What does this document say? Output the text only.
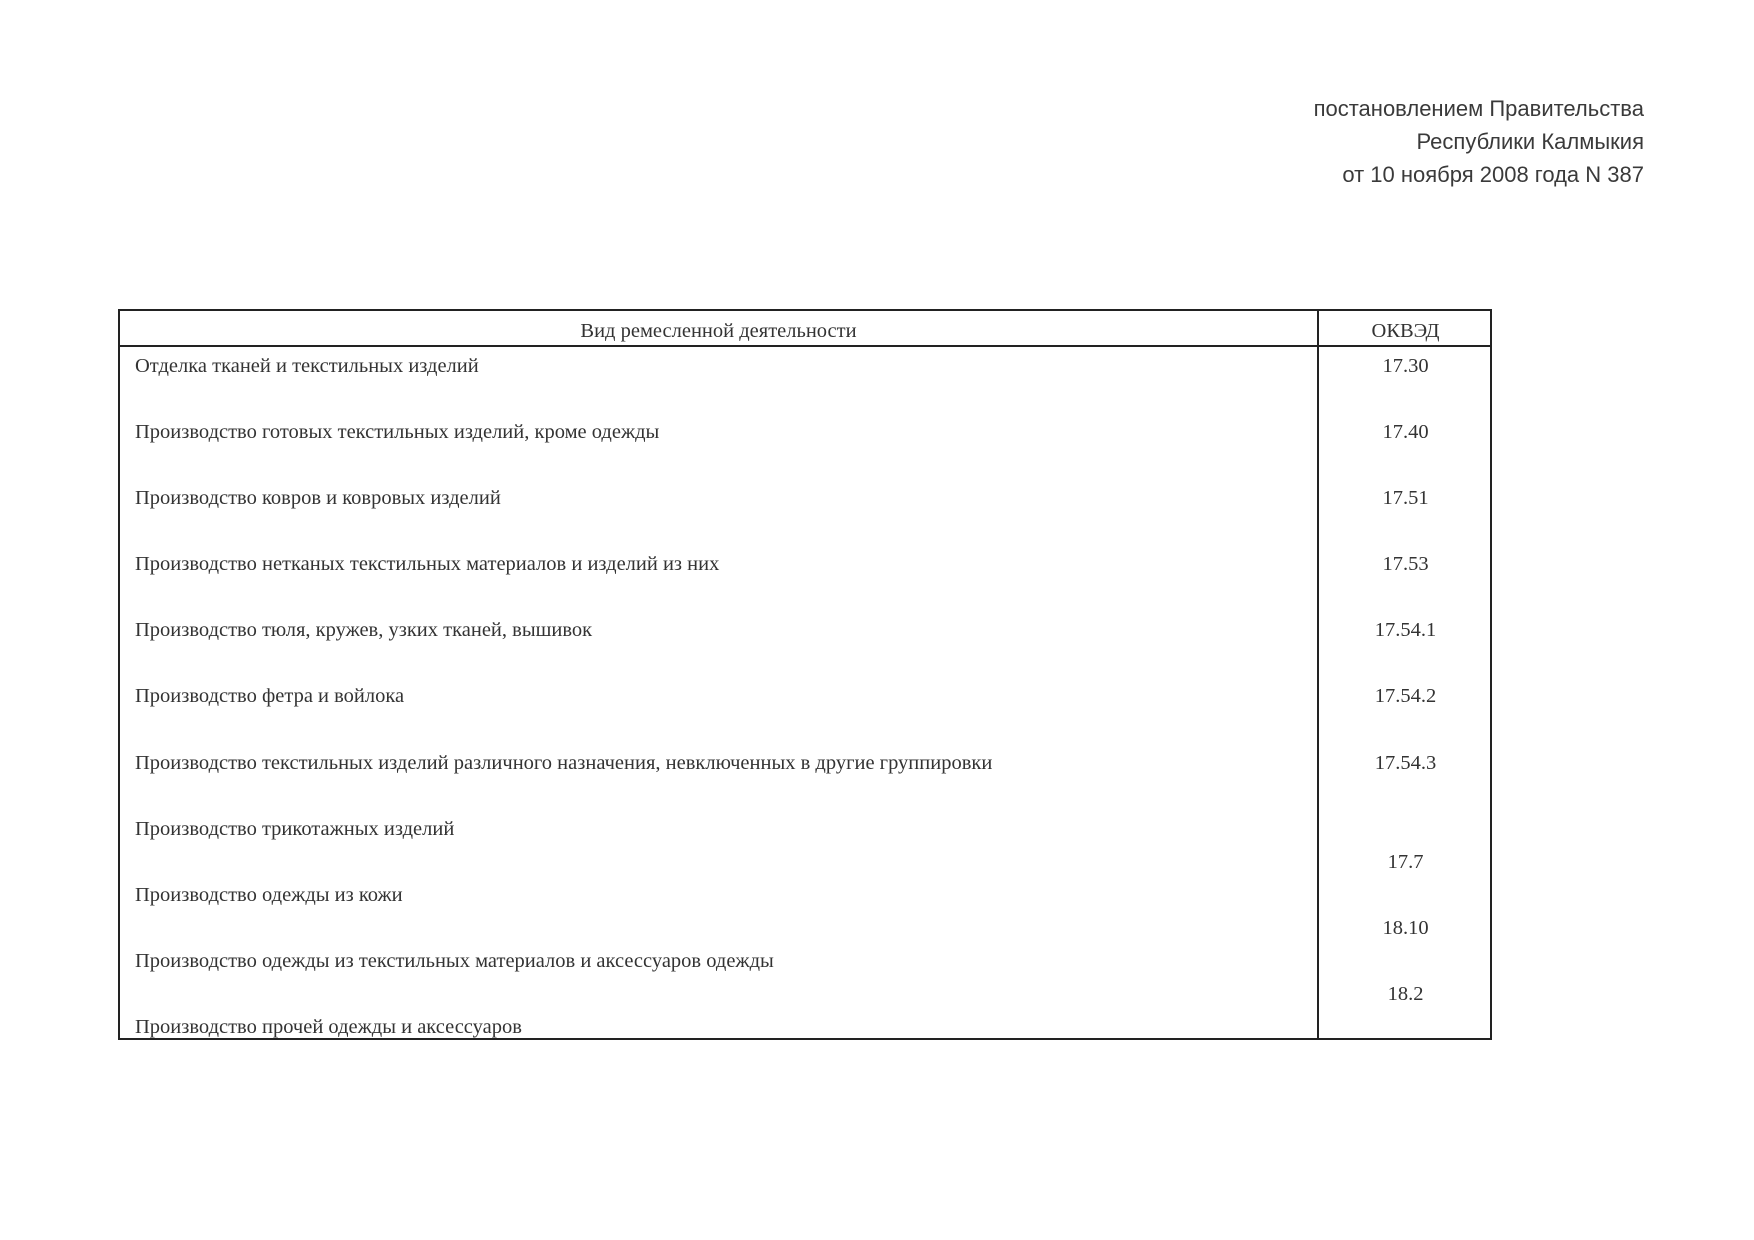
постановлением Правительства
Республики Калмыкия
от 10 ноября 2008 года N 387
Вид ремесленной деятельности	ОКВЭД
Отделка тканей и текстильных изделий
Производство готовых текстильных изделий, кроме одежды
Производство ковров и ковровых изделий
Производство нетканых текстильных материалов и изделий из них
Производство тюля, кружев, узких тканей, вышивок
Производство фетра и войлока
Производство текстильных изделий различного назначения, невключенных в другие группировки
Производство трикотажных изделий
Производство одежды из кожи
Производство одежды из текстильных материалов и аксессуаров одежды
Производство прочей одежды и аксессуаров
17.30
17.40
17.51
17.53
17.54.1
17.54.2
17.54.3
17.7
18.10
18.2
